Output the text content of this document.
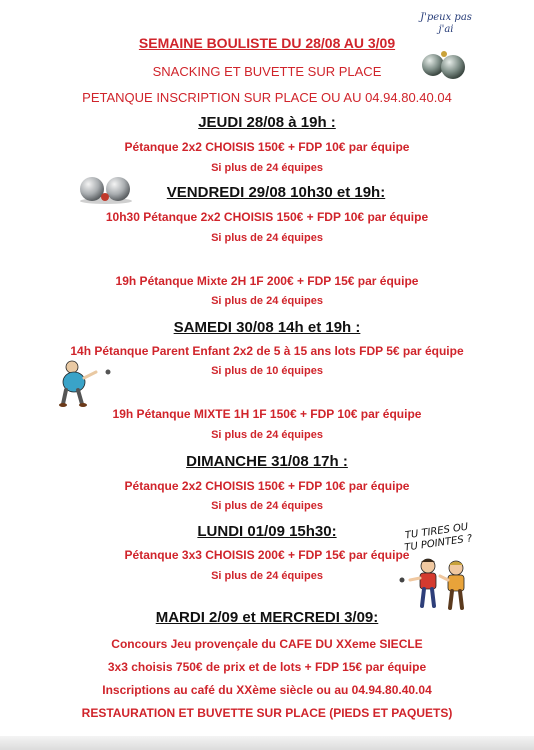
SEMAINE BOULISTE DU 28/08 AU 3/09
SNACKING ET BUVETTE SUR PLACE
PETANQUE INSCRIPTION SUR PLACE OU AU 04.94.80.40.04
J'peux pas j'ai
JEUDI 28/08 à 19h :
Pétanque 2x2 CHOISIS 150€ + FDP 10€ par équipe
Si plus de 24 équipes
VENDREDI 29/08 10h30 et 19h:
10h30 Pétanque 2x2 CHOISIS 150€ + FDP 10€ par équipe
Si plus de 24 équipes
19h Pétanque Mixte 2H 1F 200€ + FDP 15€ par équipe
Si plus de 24 équipes
SAMEDI 30/08 14h et 19h :
14h Pétanque Parent Enfant 2x2 de 5 à 15 ans lots FDP 5€ par équipe
Si plus de 10 équipes
19h Pétanque MIXTE 1H 1F 150€ + FDP 10€ par équipe
Si plus de 24 équipes
DIMANCHE 31/08 17h :
Pétanque 2x2 CHOISIS 150€ + FDP 10€ par équipe
Si plus de 24 équipes
LUNDI 01/09 15h30:
Pétanque 3x3 CHOISIS 200€ + FDP 15€ par équipe
Si plus de 24 équipes
TU TIRES OU TU POINTES ?
MARDI 2/09 et MERCREDI 3/09:
Concours Jeu provençale du CAFE DU XXeme SIECLE
3x3 choisis 750€ de prix et de lots + FDP 15€ par équipe
Inscriptions au café du XXème siècle ou au 04.94.80.40.04
RESTAURATION ET BUVETTE SUR PLACE (PIEDS ET PAQUETS)
